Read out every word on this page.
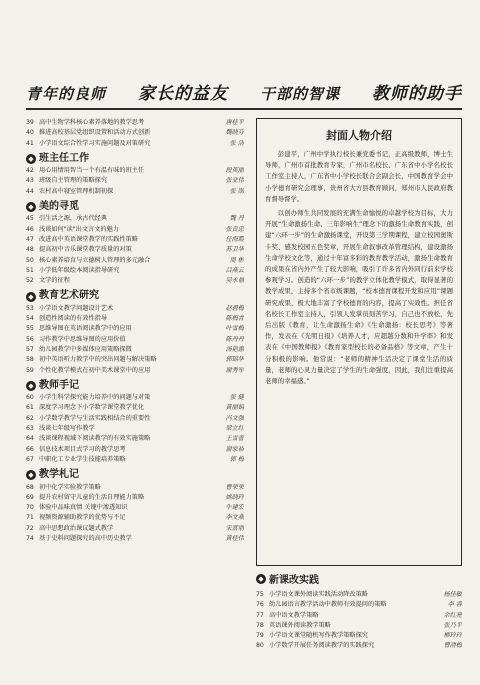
青年的良师 家长的益友 干部的智课 教师的助手
39 高中生物学科核心素养落地的教学思考	唐桂平
40 推进高校基层党组织设置和活动方式创新	魏晓芬
41 小学语文综合性学习实施问题及对策研究	张 洁
◆ 班主任工作
42 用心用情用智当一个有温有味的班主任	段英丽
43 班级自主管理的策略探究	张亚伟
44 农村高中寝室管理机制初探	张 勋
◆ 美的寻觅
45 引生活之源，承古代经典	魏 丹
46 浅谈如何"读"出文言文的魅力	张良忠
47 改进高中英语课堂教学的实践性策略	任海霞
48 提高初中音乐课堂教学质量的对策	苏卫华
50 核心素养培育与立德树人管理的多元融合	周 彬
51 小学低年级绘本阅读指导研究	吕燕云
52 文学的征程	吴永福
◆ 教育艺术研究
53 小学语文教学问题设计艺术	赵碧梅
54 创造性阅读的有效性指导	陈梅青
55 思维导图在英语阅读教学中的应用	叶雪梅
56 习作教学中思维导图的应用价值	陈丹丹
57 幼儿园教学中多媒体应用策略探微	汤艳惠
58 初中英语听力教学中的突出问题与解决策略	郭锦华
59 个性化教学模式在初中美术课堂中的应用	谢秀军
◆ 教师手记
60 小学生科学探究能力培养中的问题与对策	张 健
61 深度学习理念下小学数学课堂教学优化	黄丽娟
62 小学数学教学与生活实践相结合的重要性	冯文强
63 浅谈七年级写作教学	梁立红
64 浅谈课程视域下阅读教学的有效实施策略	王雪蕾
66 信息技术项目式学习的教学思考	谢家裕
67 中职化工专业学生技能培养策略	郭 梅
◆ 教学札记
68 初中化学实验教学策略	曹荣荣
69 提升农村留守儿童的生活自理能力策略	姚晓玲
70 体验中品味真情 关键中渗透知识	牛建宏
71 视频资源辅助教学的优势与不足	李文燕
72 高中思想政治课议题式教学	宋富朋
74 基于史料问题探究的高中历史教学	黄桂伟
封面人物介绍

彭建平，广州中学执行校长兼党委书记，正高级教师，博士生导师，广州市首批教育专家，广州市名校长、广东省中小学名校长工作室主持人，广东省中小学校长联合会副会长，中国教育学会中小学德育研究会理事，贵州省大方县教育顾问，郑州市人民政府教育督导督学。

以创办师生共同发展的充满生命愉悦的卓越学校为目标，大力开展“生命激扬生命、三年影响生”理念下的激扬生命教育实践，创建“六环一步”的生命激扬课堂，开设第三学期课程，建立校园奥斯卡奖、感发校园五色奖章，开展生命叙事改革管理结构，建设激扬生命学校文化等，通过十年富多彩的教育教学活动，激扬生命教育的成果在省内外产生了较大影响，吸引了许多省内外同行前来学校参观学习。创造的“六环一步”的教学立体化教学模式，取得显著的教学成果，主持多个省市级课题，“校本德育课程开发和应用”课题研究成果，极大地丰富了学校德育的内容，提高了实效性。担任省名校长工作室主持人，引领人发掌员刻苦学习，自己也不放松，先后出版《教育，让生命激扬生命》《生命激扬：校长思考》等著作，发表在《光明日报》《培养人才，应超越分数和升学率》和发表在《中国教师报》《教育家型校长的必备品格》等文章，产生十分积极的影响。他常说：“老师的精神生活决定了课堂生活的质量，老师的心灵力量决定了学生的生命强度，因此，我们注重提高老师的幸福感。”

◆ 新课改实践
75 小学语文课外阅读实践活动降改策略	杨佳敏
76 幼儿园语言教学活动中教师有效提问的策略	李 睿
77 高中语文教学策略	余红亮
78 英语课外阅读教学策略	张乃平
79 小学语文课堂随机写作教学策略探究	柳玲玲
80 小学数学开展任务阅读教学的实践探究	曹清梅
